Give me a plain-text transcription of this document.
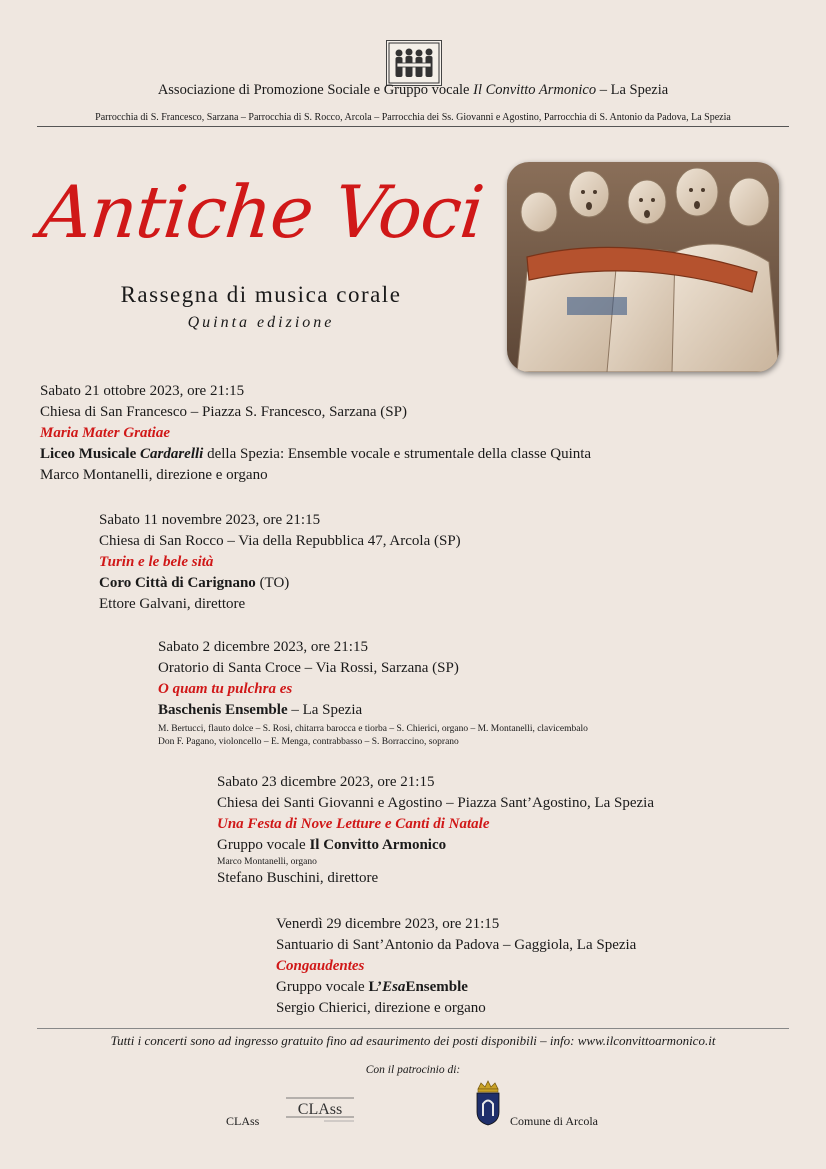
Associazione di Promozione Sociale e Gruppo vocale Il Convitto Armonico – La Spezia
Parrocchia di S. Francesco, Sarzana – Parrocchia di S. Rocco, Arcola – Parrocchia dei Ss. Giovanni e Agostino, Parrocchia di S. Antonio da Padova, La Spezia
Antiche Voci
Rassegna di musica corale
Quinta edizione
Sabato 21 ottobre 2023, ore 21:15
Chiesa di San Francesco – Piazza S. Francesco, Sarzana (SP)
Maria Mater Gratiae
Liceo Musicale Cardarelli della Spezia: Ensemble vocale e strumentale della classe Quinta
Marco Montanelli, direzione e organo
Sabato 11 novembre 2023, ore 21:15
Chiesa di San Rocco – Via della Repubblica 47, Arcola (SP)
Turin e le bele sità
Coro Città di Carignano (TO)
Ettore Galvani, direttore
Sabato 2 dicembre 2023, ore 21:15
Oratorio di Santa Croce – Via Rossi, Sarzana (SP)
O quam tu pulchra es
Baschenis Ensemble – La Spezia
M. Bertucci, flauto dolce – S. Rosi, chitarra barocca e tiorba – S. Chierici, organo – M. Montanelli, clavicembalo
Don F. Pagano, violoncello – E. Menga, contrabbasso – S. Borraccino, soprano
Sabato 23 dicembre 2023, ore 21:15
Chiesa dei Santi Giovanni e Agostino – Piazza Sant’Agostino, La Spezia
Una Festa di Nove Letture e Canti di Natale
Gruppo vocale Il Convitto Armonico
Marco Montanelli, organo
Stefano Buschini, direttore
Venerdì 29 dicembre 2023, ore 21:15
Santuario di Sant’Antonio da Padova – Gaggiola, La Spezia
Congaudentes
Gruppo vocale L’EsaEnsemble
Sergio Chierici, direzione e organo
Tutti i concerti sono ad ingresso gratuito fino ad esaurimento dei posti disponibili – info: www.ilconvittoarmonico.it
Con il patrocinio di:
CLAss
CLAss
Comune di Arcola
